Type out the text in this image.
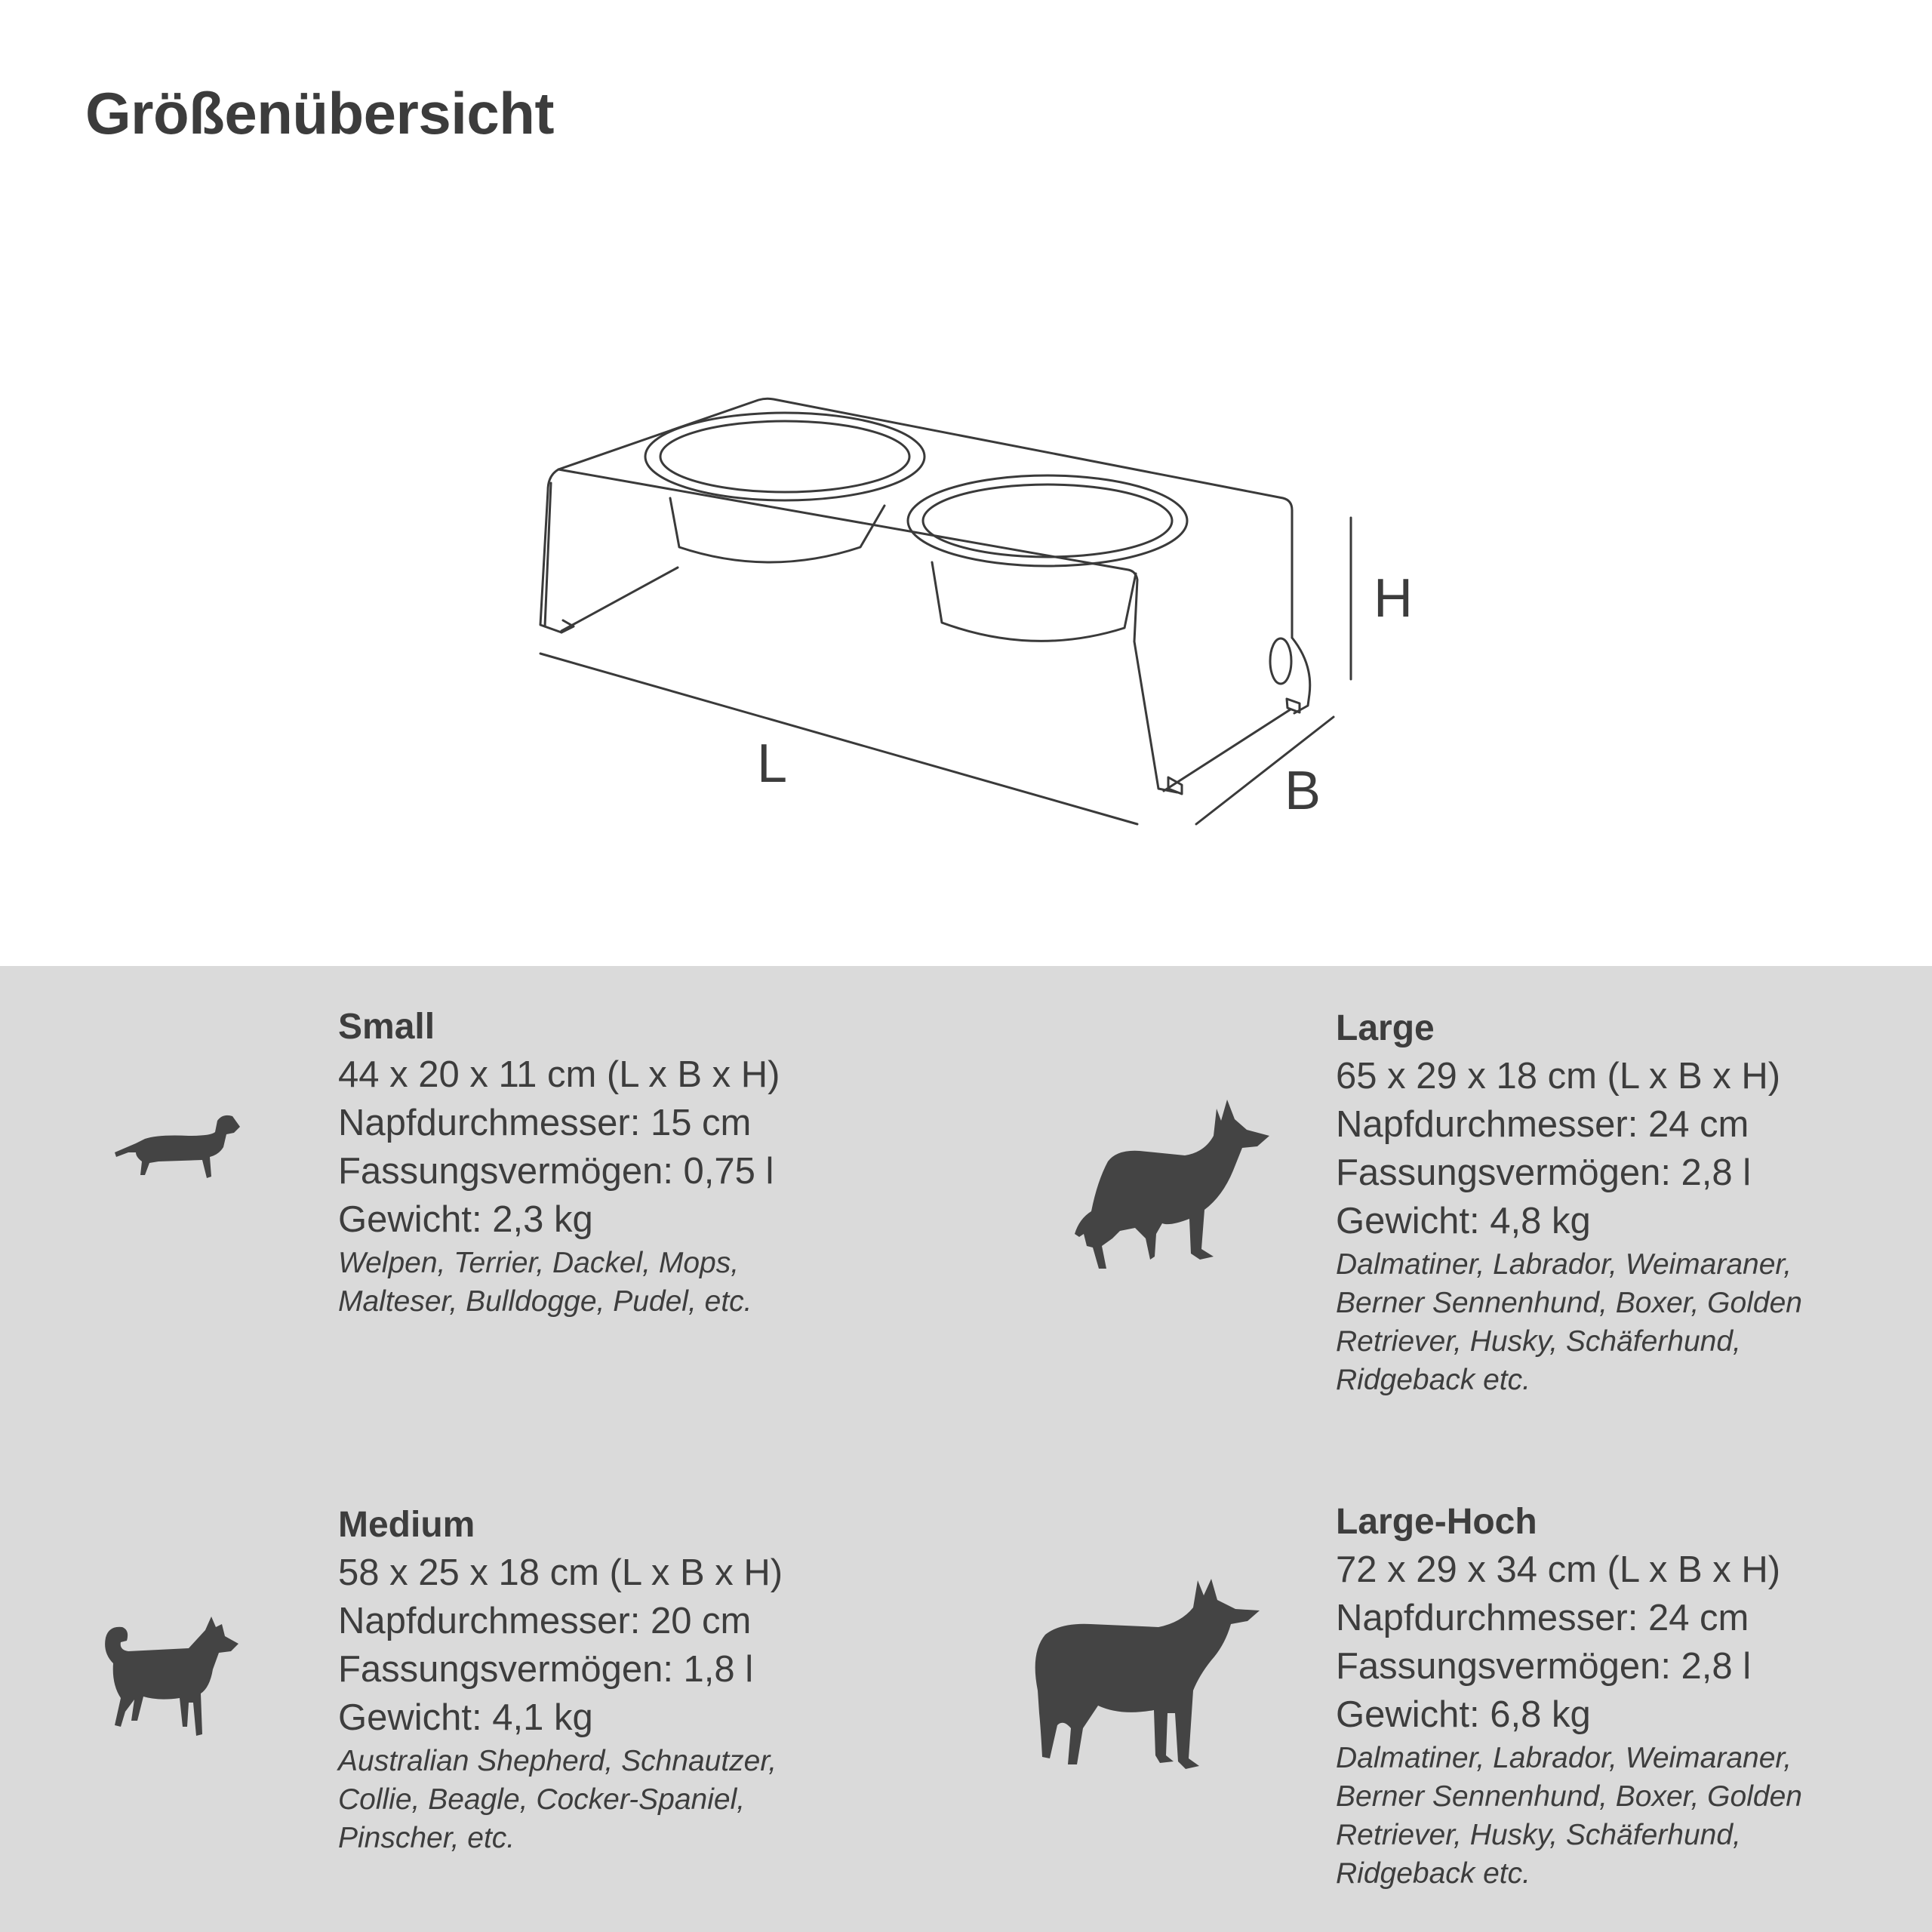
Größenübersicht
L	B
H

Small

44 x 20 x 11 cm (L x B x H)

Napfdurchmesser: 15 cm

Fassungsvermögen: 0,75 l

Gewicht: 2,3 kg

Welpen, Terrier, Dackel, Mops,
Malteser, Bulldogge, Pudel, etc.

Medium

58 x 25 x 18 cm (L x B x H)

Napfdurchmesser: 20 cm

Fassungsvermögen: 1,8 l

Gewicht: 4,1 kg

Australian Shepherd, Schnautzer,
Collie, Beagle, Cocker-Spaniel,
Pinscher, etc.

Large

65 x 29 x 18 cm (L x B x H)

Napfdurchmesser: 24 cm

Fassungsvermögen: 2,8 l

Gewicht: 4,8 kg

Dalmatiner, Labrador, Weimaraner,
Berner Sennenhund, Boxer, Golden
Retriever, Husky, Schäferhund,
Ridgeback etc.

Large-Hoch

72 x 29 x 34 cm (L x B x H)

Napfdurchmesser: 24 cm

Fassungsvermögen: 2,8 l

Gewicht: 6,8 kg

Dalmatiner, Labrador, Weimaraner,
Berner Sennenhund, Boxer, Golden
Retriever, Husky, Schäferhund,
Ridgeback etc.
